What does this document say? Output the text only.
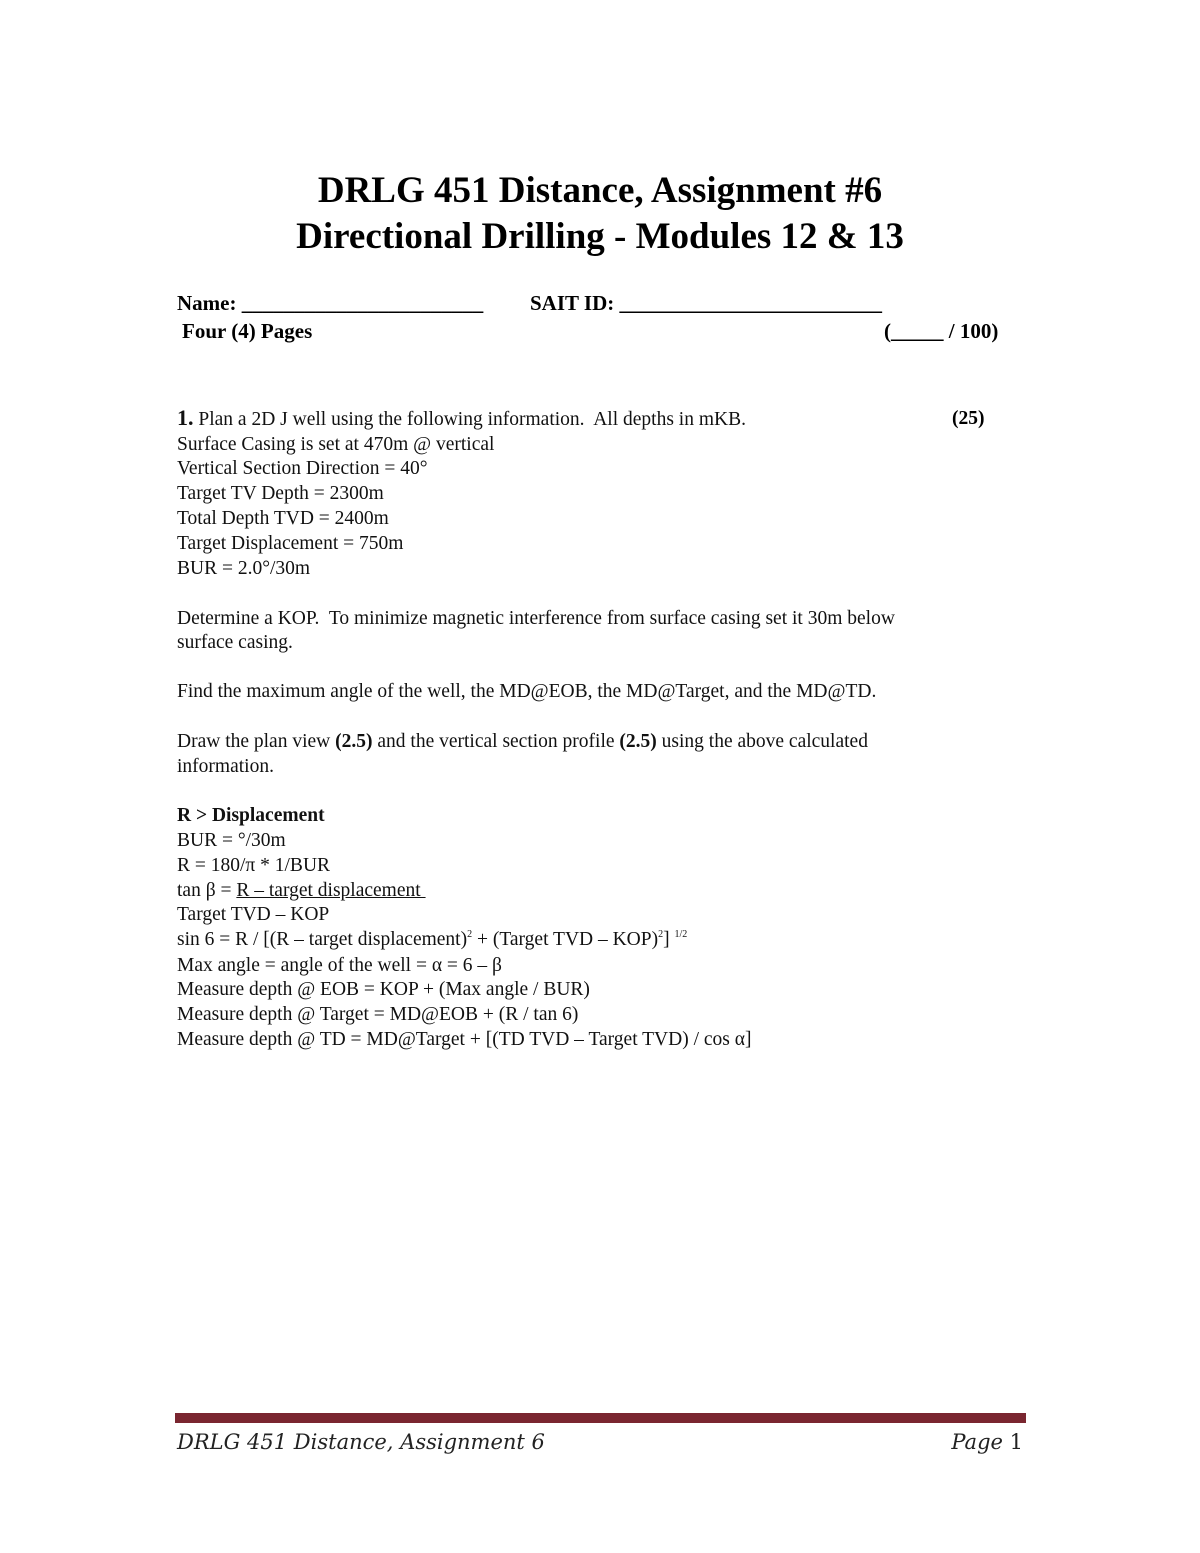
DRLG 451 Distance, Assignment #6
Directional Drilling - Modules 12 & 13
Name: _______________________ SAIT ID: _________________________
Four (4) Pages	(_____ / 100)
1. Plan a 2D J well using the following information.  All depths in mKB.	(25)
Surface Casing is set at 470m @ vertical
Vertical Section Direction = 40°
Target TV Depth = 2300m
Total Depth TVD = 2400m
Target Displacement = 750m
BUR = 2.0°/30m
Determine a KOP.  To minimize magnetic interference from surface casing set it 30m below
surface casing.
Find the maximum angle of the well, the MD@EOB, the MD@Target, and the MD@TD.
Draw the plan view (2.5) and the vertical section profile (2.5) using the above calculated
information.
R > Displacement
BUR = °/30m
R = 180/π * 1/BUR
tan β = R – target displacement
Target TVD – KOP
sin 6 = R / [(R – target displacement)$^2$ + (Target TVD – KOP)$^2$] $^{1/2}$
Max angle = angle of the well = α = 6 – β
Measure depth @ EOB = KOP + (Max angle / BUR)
Measure depth @ Target = MD@EOB + (R / tan 6)
Measure depth @ TD = MD@Target + [(TD TVD – Target TVD) / cos α]
DRLG 451 Distance, Assignment 6	Page 1
